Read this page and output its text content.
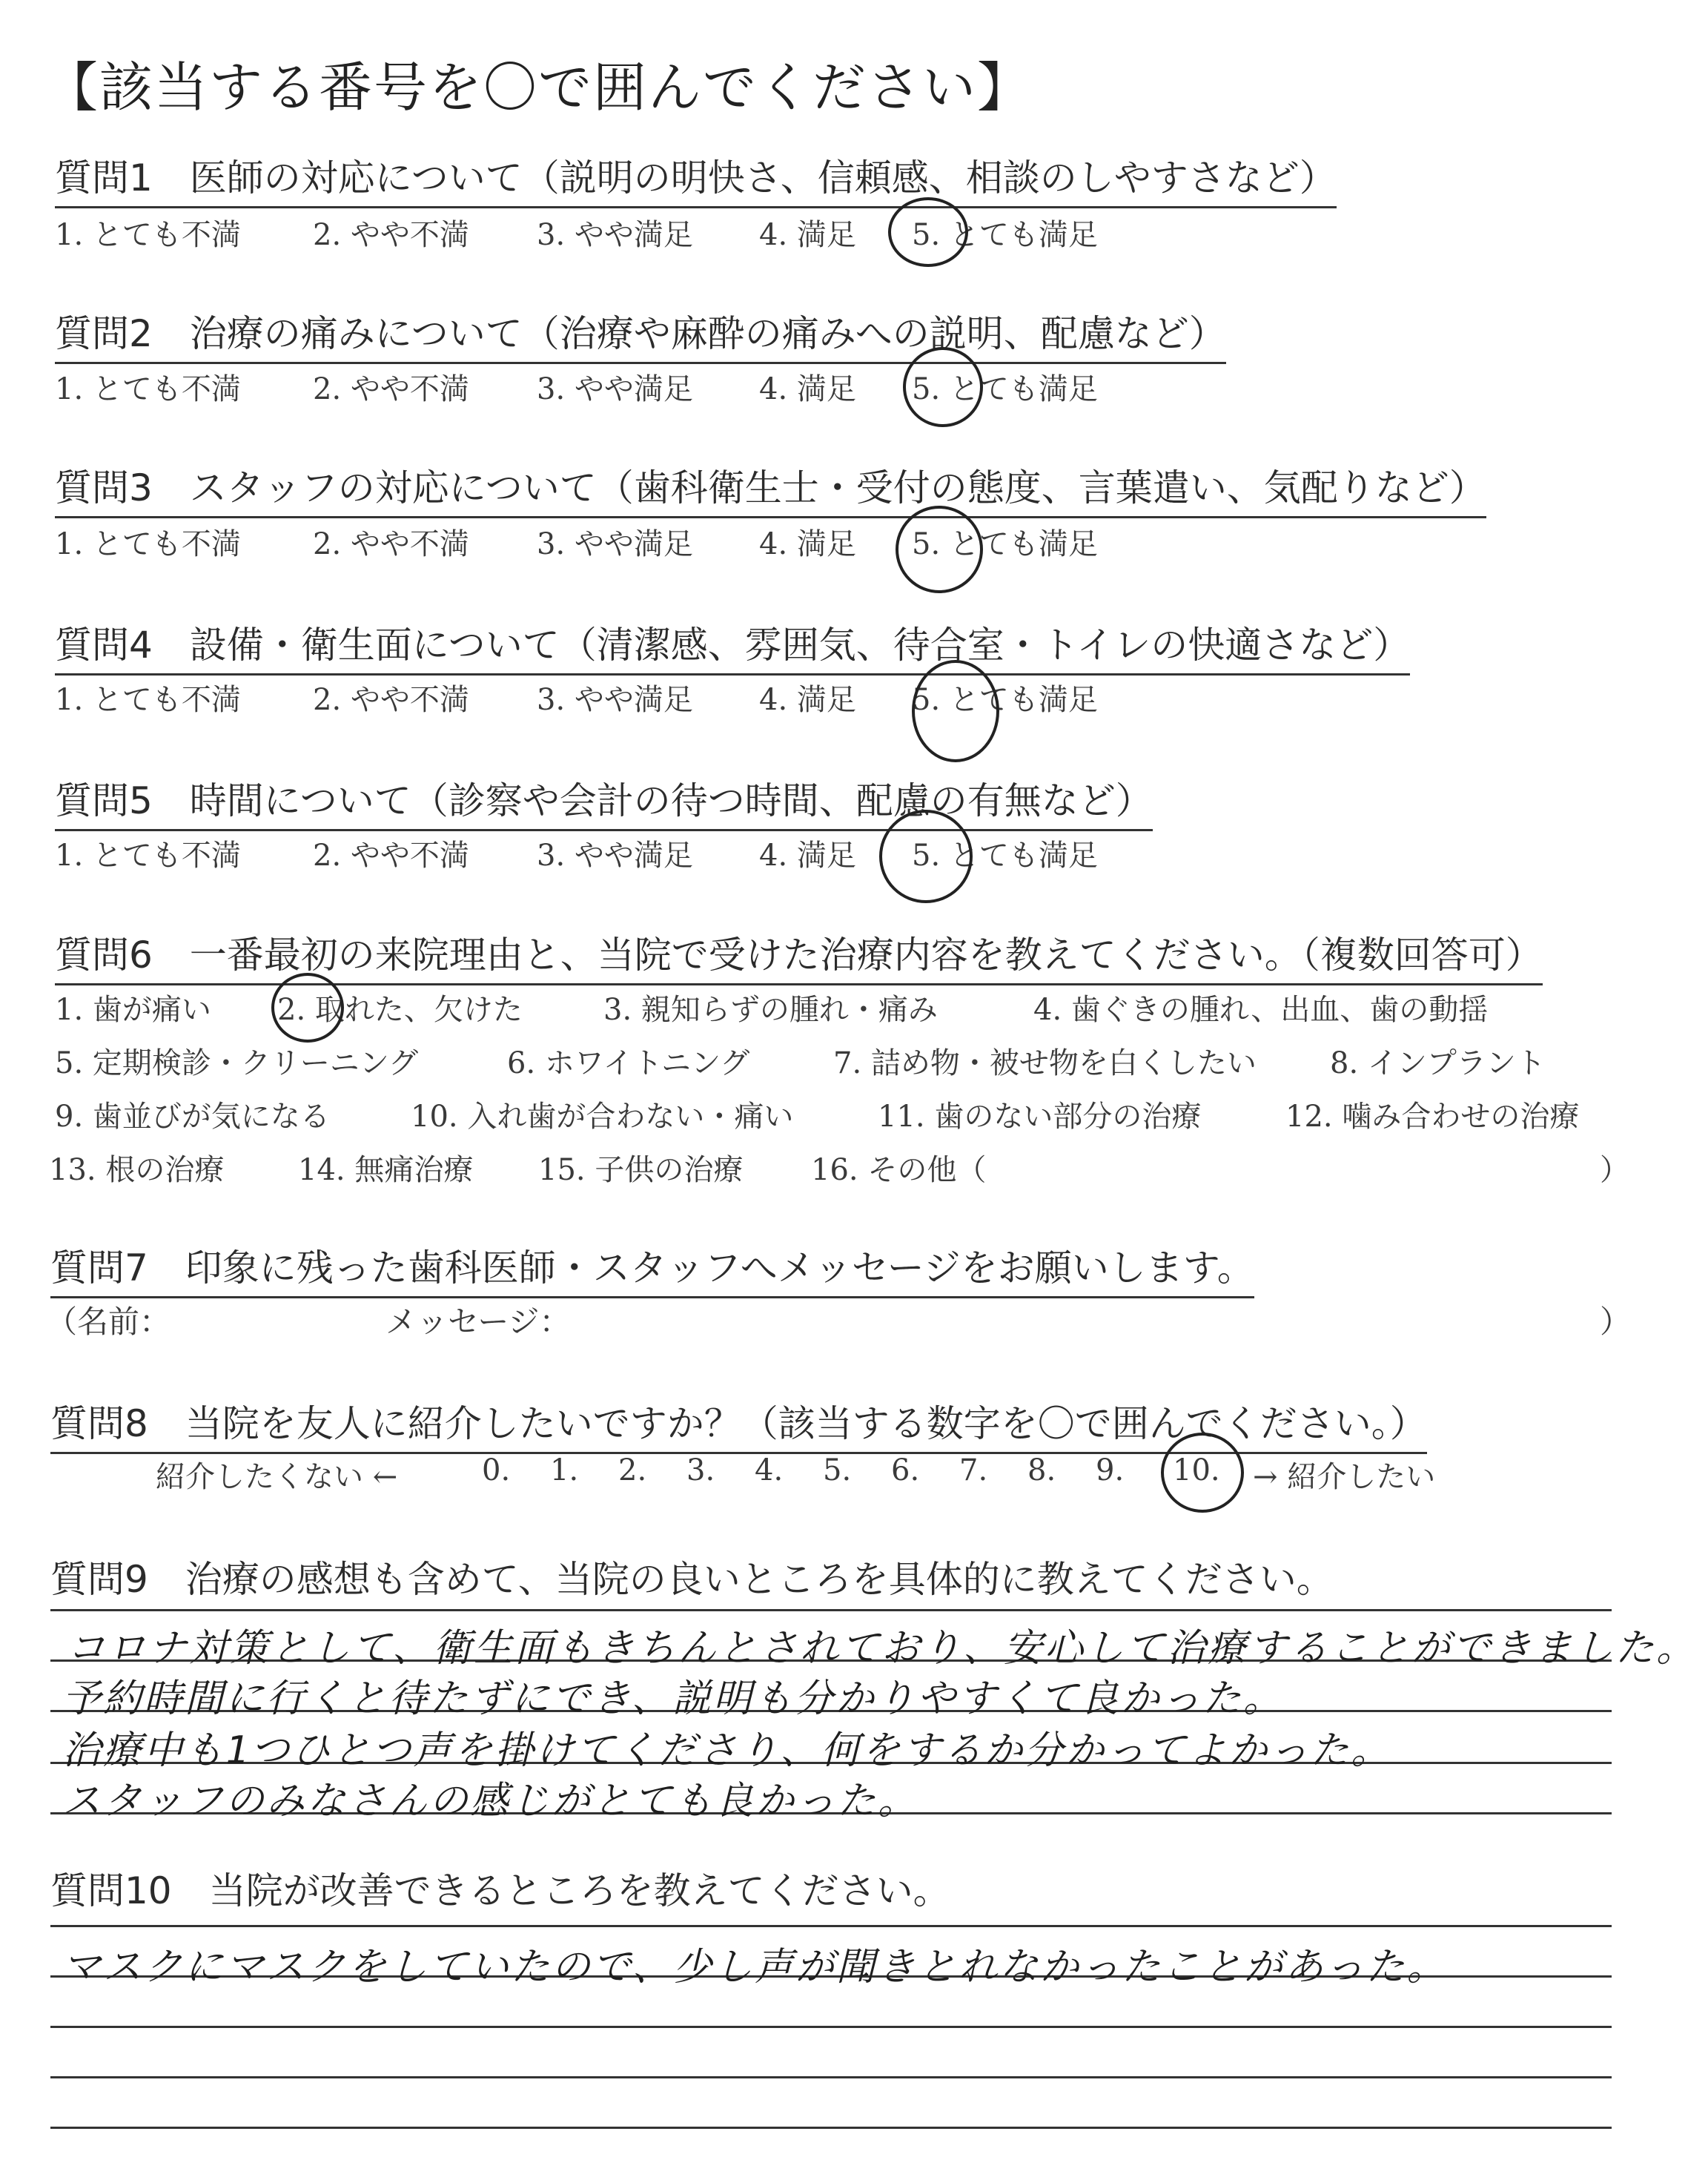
【該当する番号を〇で囲んでください】
質問1　医師の対応について（説明の明快さ、信頼感、相談のしやすさなど）
1. とても不満 2. やや不満 3. やや満足 4. 満足 5. とても満足
質問2　治療の痛みについて（治療や麻酔の痛みへの説明、配慮など）
1. とても不満 2. やや不満 3. やや満足 4. 満足 5. とても満足
質問3　スタッフの対応について（歯科衛生士・受付の態度、言葉遣い、気配りなど）
1. とても不満 2. やや不満 3. やや満足 4. 満足 5. とても満足
質問4　設備・衛生面について（清潔感、雰囲気、待合室・トイレの快適さなど）
1. とても不満 2. やや不満 3. やや満足 4. 満足 5. とても満足
質問5　時間について（診察や会計の待つ時間、配慮の有無など）
1. とても不満 2. やや不満 3. やや満足 4. 満足 5. とても満足
質問6　一番最初の来院理由と、当院で受けた治療内容を教えてください。（複数回答可）
1. 歯が痛い 2. 取れた、欠けた	3. 親知らずの腫れ・痛み	4. 歯ぐきの腫れ、出血、歯の動揺
5. 定期検診・クリーニング	6. ホワイトニング	7. 詰め物・被せ物を白くしたい 8. インプラント
9. 歯並びが気になる	10. 入れ歯が合わない・痛い	11. 歯のない部分の治療	12. 噛み合わせの治療
13. 根の治療 14. 無痛治療 15. 子供の治療 16. その他（	）
質問7　印象に残った歯科医師・スタッフへメッセージをお願いします。
（名前：	メッセージ：	）
質問8　当院を友人に紹介したいですか？（該当する数字を〇で囲んでください。）
紹介したくない ←	0. 1. 2. 3. 4. 5. 6. 7. 8. 9. 10. → 紹介したい
質問9　治療の感想も含めて、当院の良いところを具体的に教えてください。
コロナ対策として、衛生面もきちんとされており、安心して治療することができました。
予約時間に行くと待たずにでき、説明も分かりやすくて良かった。
治療中も1つひとつ声を掛けてくださり、何をするか分かってよかった。
スタッフのみなさんの感じがとても良かった。
質問10　当院が改善できるところを教えてください。
マスクにマスクをしていたので、少し声が聞きとれなかったことがあった。
